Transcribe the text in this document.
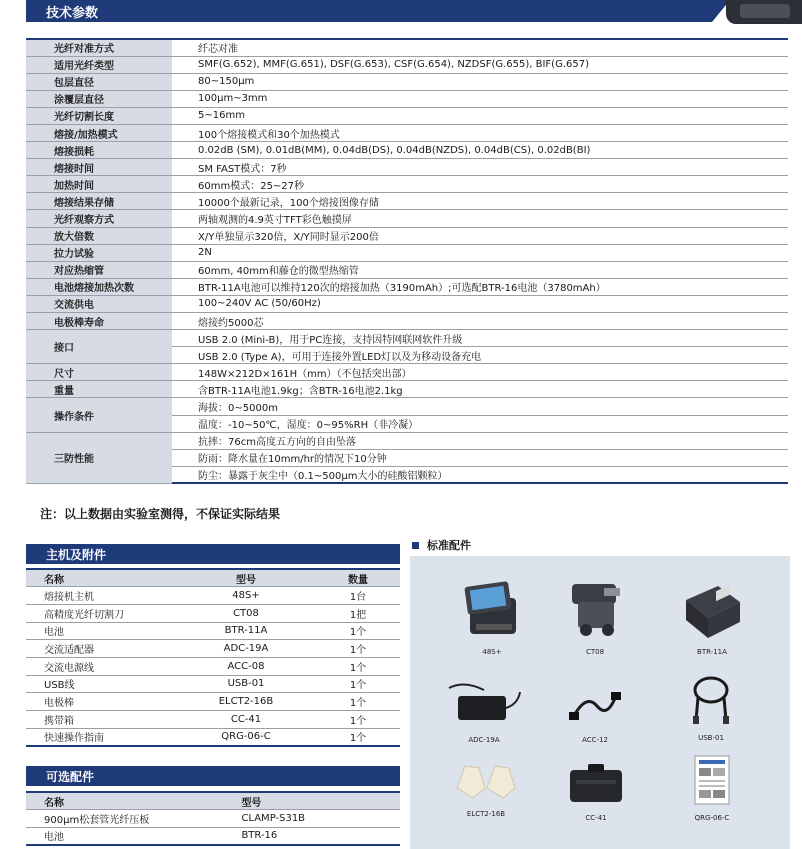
技术参数
光纤对准方式	纤芯对准
适用光纤类型	SMF(G.652), MMF(G.651), DSF(G.653), CSF(G.654), NZDSF(G.655), BIF(G.657)
包层直径	80~150μm
涂覆层直径	100μm~3mm
光纤切割长度	5~16mm
熔接/加热模式	100个熔接模式和30个加热模式
熔接损耗	0.02dB (SM), 0.01dB(MM), 0.04dB(DS), 0.04dB(NZDS), 0.04dB(CS), 0.02dB(BI)
熔接时间	SM FAST模式：7秒
加热时间	60mm模式：25~27秒
熔接结果存储	10000个最新记录，100个熔接图像存储
光纤观察方式	两轴观测的4.9英寸TFT彩色触摸屏
放大倍数	X/Y单独显示320倍，X/Y同时显示200倍
拉力试验	2N
对应热缩管	60mm, 40mm和藤仓的微型热缩管
电池熔接加热次数	BTR-11A电池可以维持120次的熔接加热（3190mAh）;可选配BTR-16电池（3780mAh）
交流供电	100~240V AC (50/60Hz)
电极棒寿命	熔接约5000芯
接口	USB 2.0 (Mini-B)，用于PC连接，支持因特网联网软件升级
	USB 2.0 (Type A)，可用于连接外置LED灯以及为移动设备充电
尺寸	148W×212D×161H（mm）（不包括突出部）
重量	含BTR-11A电池1.9kg；含BTR-16电池2.1kg
操作条件	海拔：0~5000m
	温度：-10~50℃，湿度：0~95%RH（非冷凝）
三防性能	抗摔：76cm高度五方向的自由坠落
	防雨：降水量在10mm/hr的情况下10分钟
	防尘：暴露于灰尘中（0.1~500μm大小的硅酸铝颗粒）
注：以上数据由实验室测得，不保证实际结果
主机及附件
名称	型号	数量
熔接机主机	48S+	1台
高精度光纤切割刀	CT08	1把
电池	BTR-11A	1个
交流适配器	ADC-19A	1个
交流电源线	ACC-08	1个
USB线	USB-01	1个
电极棒	ELCT2-16B	1个
携带箱	CC-41	1个
快速操作指南	QRG-06-C	1个
可选配件
名称	型号
900μm松套管光纤压板	CLAMP-S31B
电池	BTR-16
标准配件
48S+	CT08	BTR-11A
ADC-19A	ACC-12	USB-01
ELCT2-16B	CC-41	QRG-06-C
